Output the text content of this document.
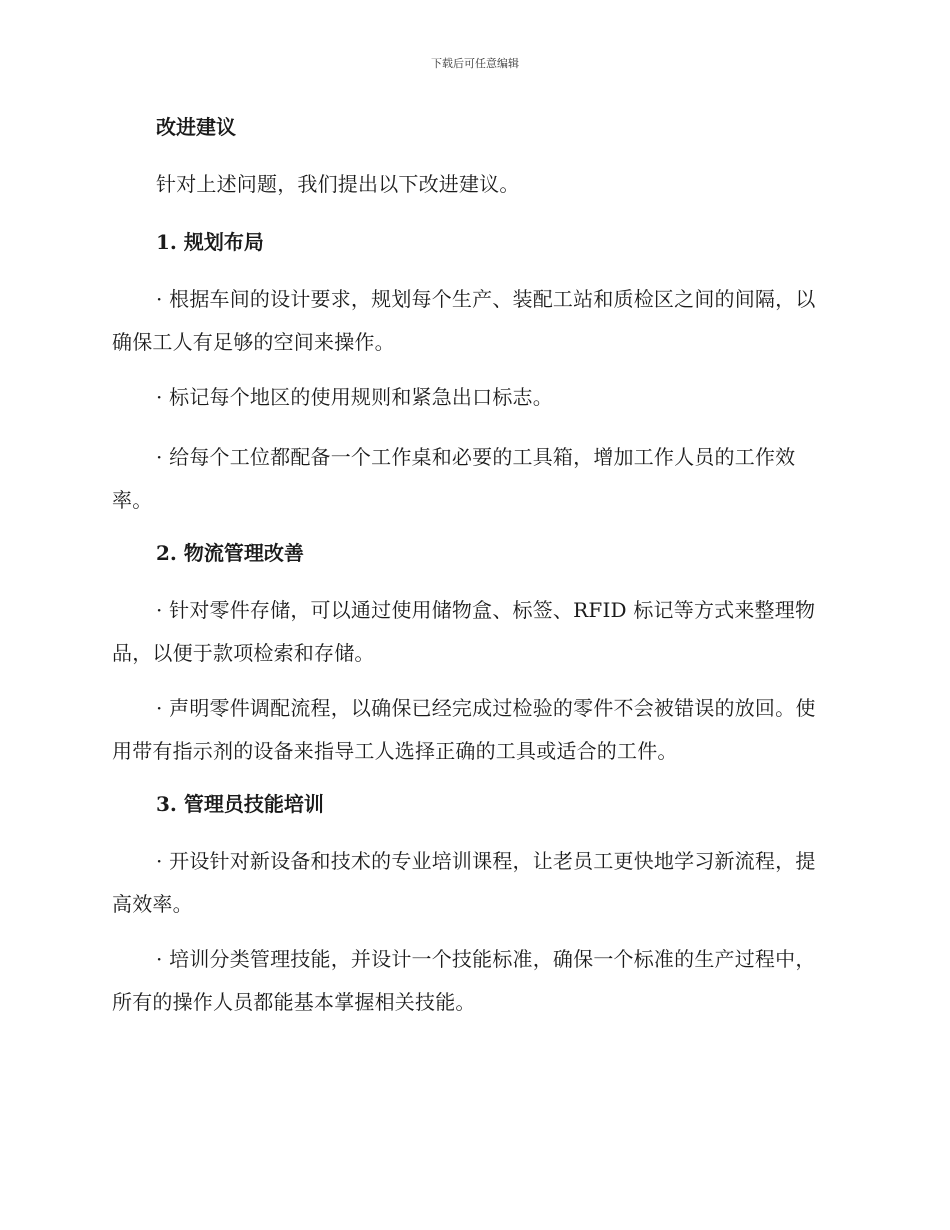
下载后可任意编辑
改进建议
针对上述问题，我们提出以下改进建议。
1. 规划布局
· 根据车间的设计要求，规划每个生产、装配工站和质检区之间的间隔，以确保工人有足够的空间来操作。
· 标记每个地区的使用规则和紧急出口标志。
· 给每个工位都配备一个工作桌和必要的工具箱，增加工作人员的工作效率。
2. 物流管理改善
· 针对零件存储，可以通过使用储物盒、标签、RFID 标记等方式来整理物品，以便于款项检索和存储。
· 声明零件调配流程，以确保已经完成过检验的零件不会被错误的放回。使用带有指示剂的设备来指导工人选择正确的工具或适合的工件。
3. 管理员技能培训
· 开设针对新设备和技术的专业培训课程，让老员工更快地学习新流程，提高效率。
· 培训分类管理技能，并设计一个技能标准，确保一个标准的生产过程中，所有的操作人员都能基本掌握相关技能。
